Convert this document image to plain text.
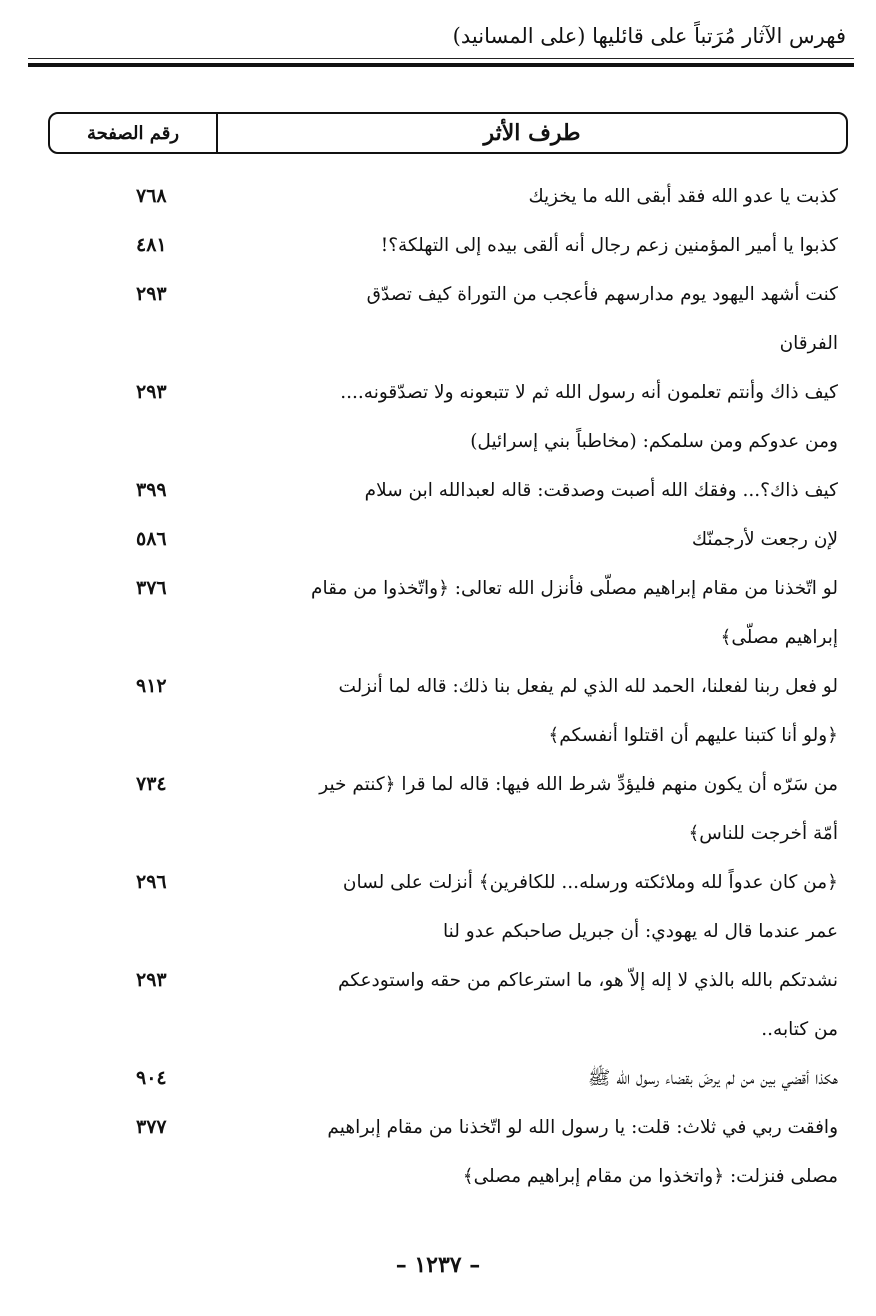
فهرس الآثار مُرَتباً على قائليها (على المسانيد)
طرف الأثر
رقم الصفحة
كذبت يا عدو الله فقد أبقى الله ما يخزيك
٧٦٨
كذبوا يا أمير المؤمنين زعم رجال أنه ألقى بيده إلى التهلكة؟!
٤٨١
كنت أشهد اليهود يوم مدارسهم فأعجب من التوراة كيف تصدّق
الفرقان
٢٩٣
كيف ذاك وأنتم تعلمون أنه رسول الله ثم لا تتبعونه ولا تصدّقونه....
ومن عدوكم ومن سلمكم: (مخاطباً بني إسرائيل)
٢٩٣
كيف ذاك؟... وفقك الله أصبت وصدقت: قاله لعبدالله ابن سلام
٣٩٩
لإن رجعت لأرجمنّك
٥٨٦
لو اتّخذنا من مقام إبراهيم مصلّى فأنزل الله تعالى: ﴿واتّخذوا من مقام
إبراهيم مصلّى﴾
٣٧٦
لو فعل ربنا لفعلنا، الحمد لله الذي لم يفعل بنا ذلك: قاله لما أنزلت
﴿ولو أنا كتبنا عليهم أن اقتلوا أنفسكم﴾
٩١٢
من سَرّه أن يكون منهم فليؤدِّ شرط الله فيها: قاله لما قرا ﴿كنتم خير
أمّة أخرجت للناس﴾
٧٣٤
﴿من كان عدواً لله وملائكته ورسله... للكافرين﴾ أنزلت على لسان
عمر عندما قال له يهودي: أن جبريل صاحبكم عدو لنا
٢٩٦
نشدتكم بالله بالذي لا إله إلاّ هو، ما استرعاكم من حقه واستودعكم
من كتابه..
٢٩٣
هكذا أقضي بين من لم يرضَ بقضاء رسول الله ﷺ
٩٠٤
وافقت ربي في ثلاث: قلت: يا رسول الله لو اتّخذنا من مقام إبراهيم
مصلى فنزلت: ﴿واتخذوا من مقام إبراهيم مصلى﴾
٣٧٧
– ١٢٣٧ –
